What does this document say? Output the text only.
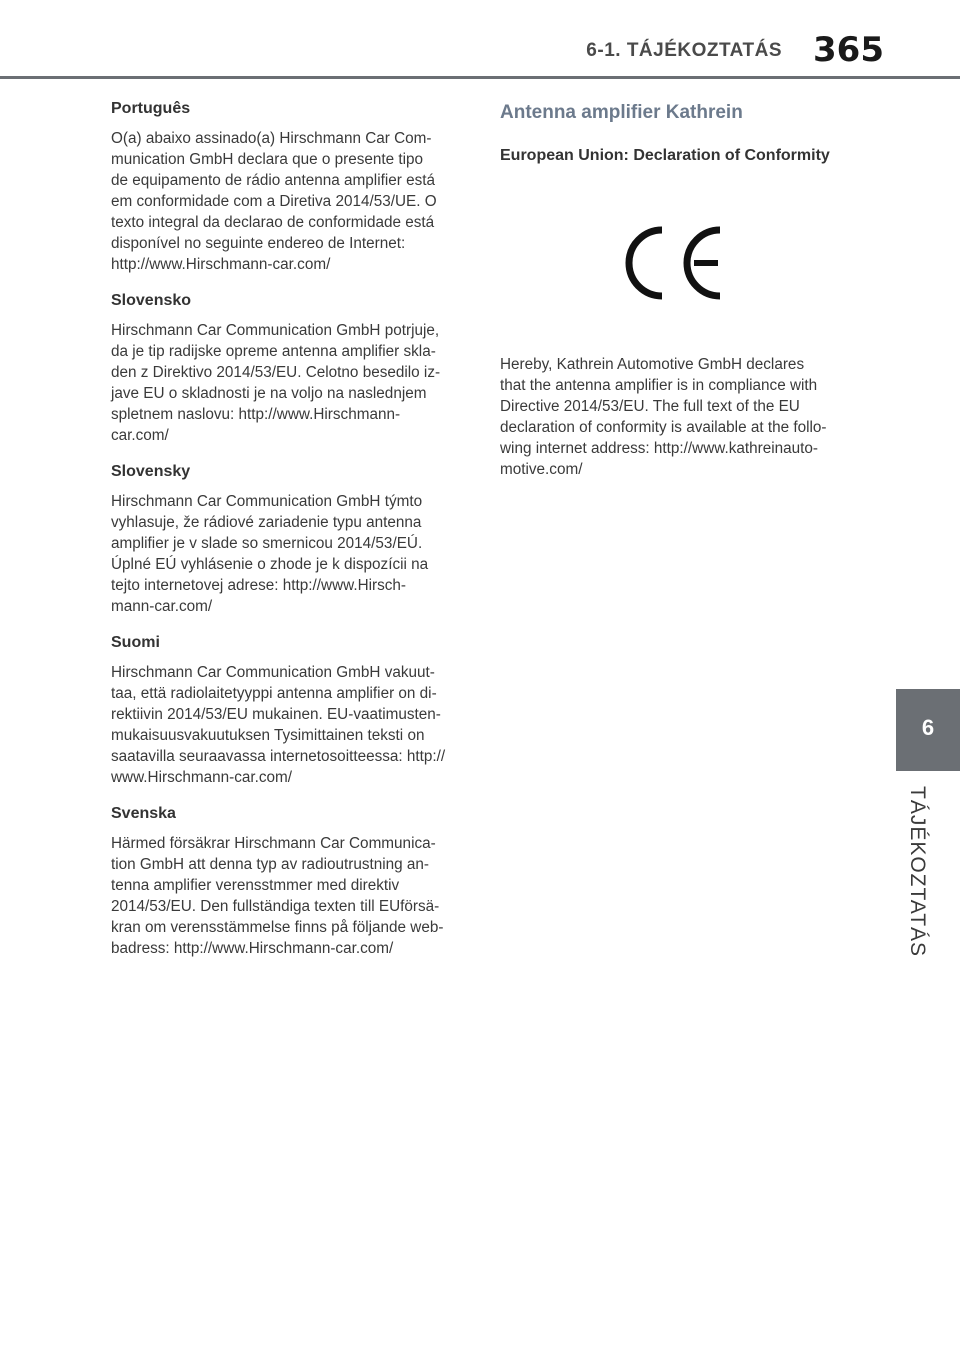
6-1. TÁJÉKOZTATÁS 365

Português

O(a) abaixo assinado(a) Hirschmann Car Com-
munication GmbH declara que o presente tipo
de equipamento de rádio antenna amplifier está
em conformidade com a Diretiva 2014/53/UE. O
texto integral da declarao de conformidade está
disponível no seguinte endereo de Internet:
http://www.Hirschmann-car.com/

Slovensko

Hirschmann Car Communication GmbH potrjuje,
da je tip radijske opreme antenna amplifier skla-
den z Direktivo 2014/53/EU. Celotno besedilo iz-
jave EU o skladnosti je na voljo na naslednjem
spletnem naslovu: http://www.Hirschmann-
car.com/

Slovensky

Hirschmann Car Communication GmbH týmto
vyhlasuje, že rádiové zariadenie typu antenna
amplifier je v slade so smernicou 2014/53/EÚ.
Úplné EÚ vyhlásenie o zhode je k dispozícii na
tejto internetovej adrese: http://www.Hirsch-
mann-car.com/

Suomi

Hirschmann Car Communication GmbH vakuut-
taa, että radiolaitetyyppi antenna amplifier on di-
rektiivin 2014/53/EU mukainen. EU-vaatimusten-
mukaisuusvakuutuksen Tysimittainen teksti on
saatavilla seuraavassa internetosoitteessa: http://
www.Hirschmann-car.com/

Svenska

Härmed försäkrar Hirschmann Car Communica-
tion GmbH att denna typ av radioutrustning an-
tenna amplifier verensstmmer med direktiv
2014/53/EU. Den fullständiga texten till EUförsä-
kran om verensstämmelse finns på följande web-
badress: http://www.Hirschmann-car.com/

Antenna amplifier Kathrein
European Union: Declaration of Conformity

Hereby, Kathrein Automotive GmbH declares
that the antenna amplifier is in compliance with
Directive 2014/53/EU. The full text of the EU
declaration of conformity is available at the follo-
wing internet address: http://www.kathreinauto-
motive.com/

6
TÁJÉKOZTATÁS
